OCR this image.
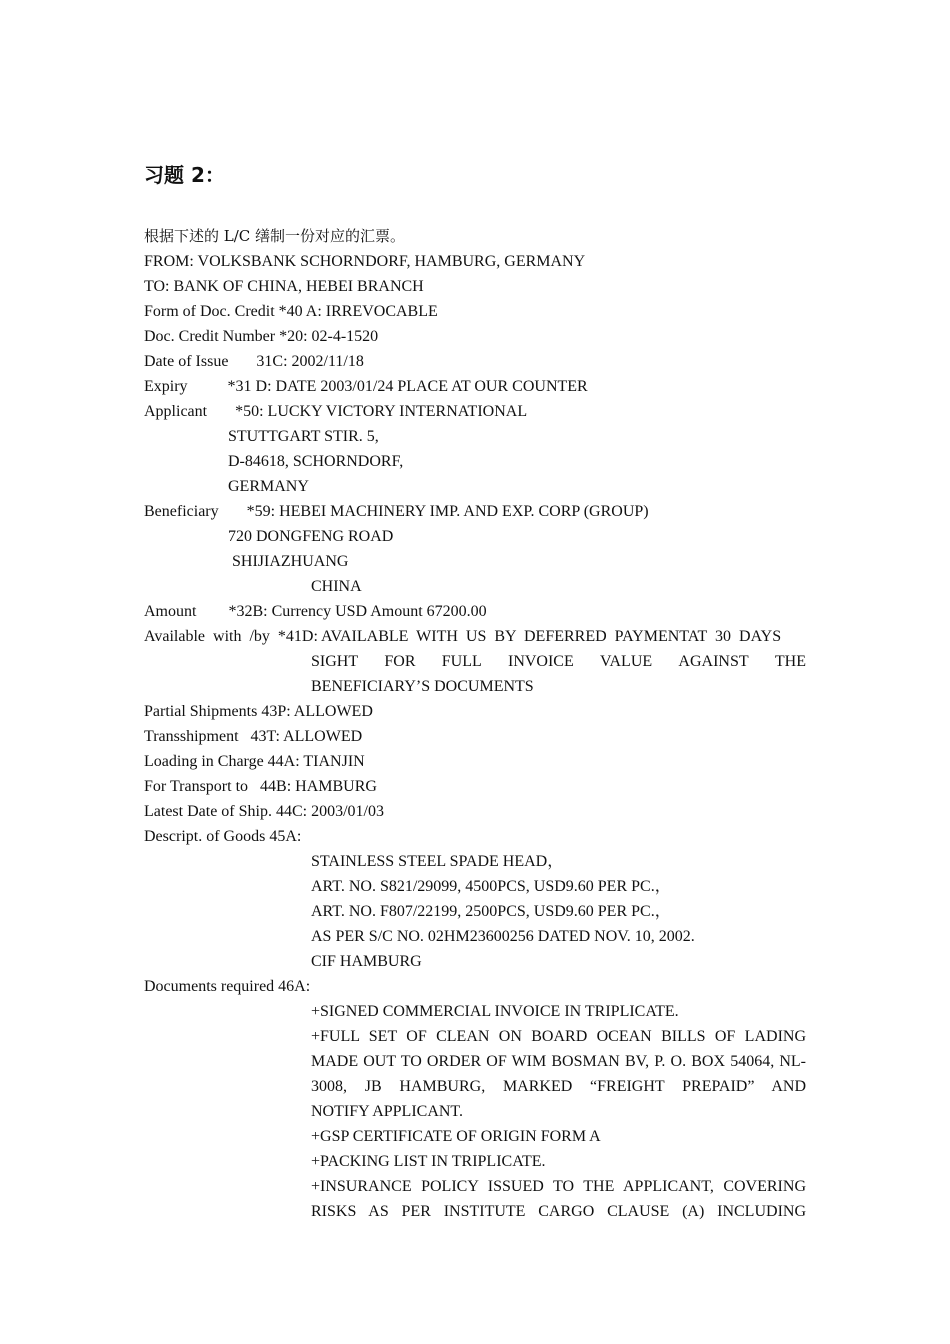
习题 2：
根据下述的 L/C 缮制一份对应的汇票。
FROM: VOLKSBANK SCHORNDORF, HAMBURG, GERMANY
TO: BANK OF CHINA, HEBEI BRANCH
Form of Doc. Credit *40 A: IRREVOCABLE
Doc. Credit Number *20: 02-4-1520
Date of Issue       31C: 2002/11/18
Expiry          *31 D: DATE 2003/01/24 PLACE AT OUR COUNTER
Applicant       *50: LUCKY VICTORY INTERNATIONAL
STUTTGART STIR. 5,
D-84618, SCHORNDORF,
GERMANY
Beneficiary       *59: HEBEI MACHINERY IMP. AND EXP. CORP (GROUP)
720 DONGFENG ROAD
SHIJIAZHUANG
CHINA
Amount        *32B: Currency USD Amount 67200.00
Available  with  /by  *41D: AVAILABLE  WITH  US  BY  DEFERRED  PAYMENTAT  30  DAYS
SIGHT FOR FULL INVOICE VALUE AGAINST THE
BENEFICIARY’S DOCUMENTS
Partial Shipments 43P: ALLOWED
Transshipment   43T: ALLOWED
Loading in Charge 44A: TIANJIN
For Transport to   44B: HAMBURG
Latest Date of Ship. 44C: 2003/01/03
Descript. of Goods 45A:
STAINLESS STEEL SPADE HEAD，
ART. NO. S821/29099, 4500PCS, USD9.60 PER PC.，
ART. NO. F807/22199, 2500PCS, USD9.60 PER PC.，
AS PER S/C NO. 02HM23600256 DATED NOV. 10, 2002.
CIF HAMBURG
Documents required 46A:
+SIGNED COMMERCIAL INVOICE IN TRIPLICATE.
+FULL SET OF CLEAN ON BOARD OCEAN BILLS OF LADING MADE OUT TO ORDER OF WIM BOSMAN BV, P. O. BOX 54064, NL-3008, JB HAMBURG, MARKED “FREIGHT PREPAID” AND
NOTIFY APPLICANT.
+GSP CERTIFICATE OF ORIGIN FORM A
+PACKING LIST IN TRIPLICATE.
+INSURANCE POLICY ISSUED TO THE APPLICANT, COVERING RISKS AS PER INSTITUTE CARGO CLAUSE (A) INCLUDING
